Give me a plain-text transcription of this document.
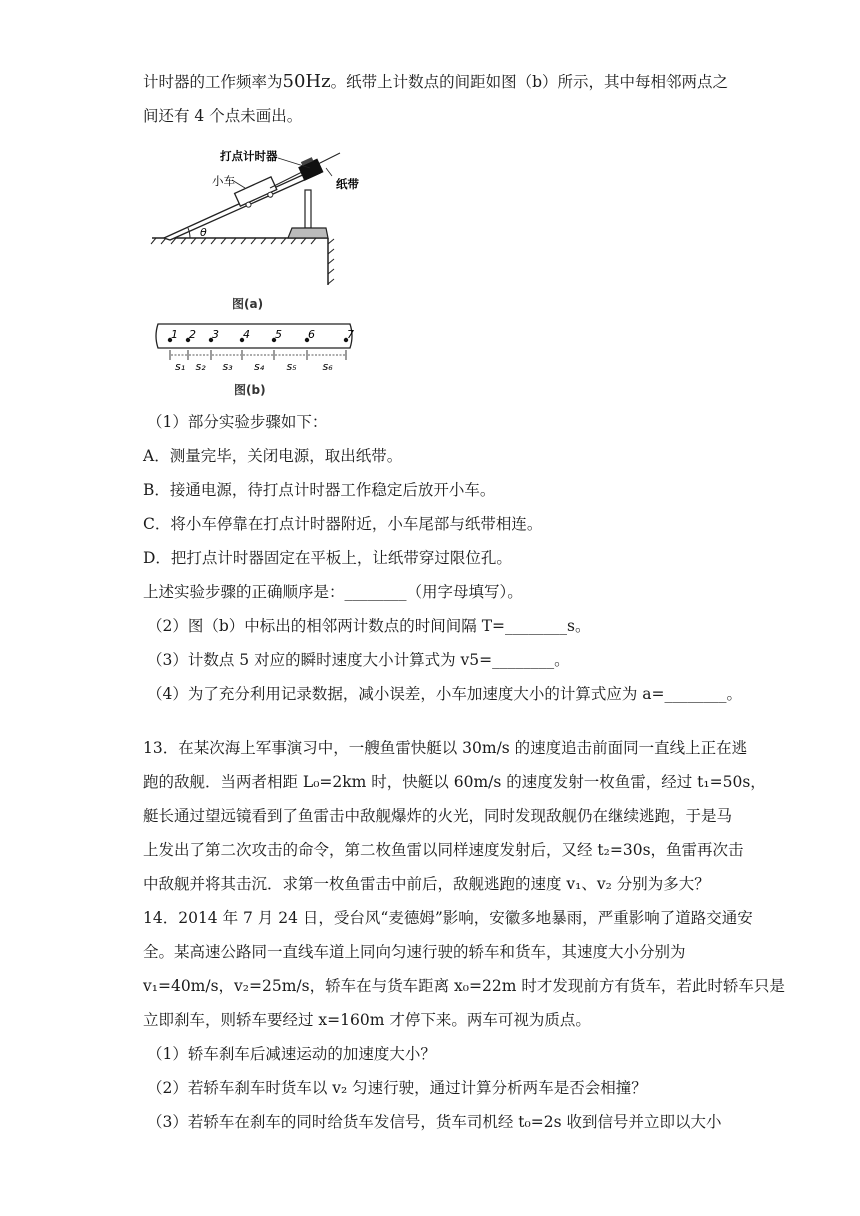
计时器的工作频率为50Hz。纸带上计数点的间距如图（b）所示，其中每相邻两点之
间还有 4 个点未画出。
θ
打点计时器
小车	纸带
图(a)
1 2 3 4 5 6	7
s₁ s₂ s₃ s₄ s₅ s₆
图(b)
（1）部分实验步骤如下：
A．测量完毕，关闭电源，取出纸带。
B．接通电源，待打点计时器工作稳定后放开小车。
C．将小车停靠在打点计时器附近，小车尾部与纸带相连。
D．把打点计时器固定在平板上，让纸带穿过限位孔。
上述实验步骤的正确顺序是：________（用字母填写）。
（2）图（b）中标出的相邻两计数点的时间间隔 T=________s。
（3）计数点 5 对应的瞬时速度大小计算式为 v5=________。
（4）为了充分利用记录数据，减小误差，小车加速度大小的计算式应为 a=________。
13．在某次海上军事演习中，一艘鱼雷快艇以 30m/s 的速度追击前面同一直线上正在逃
跑的敌舰．当两者相距 L₀=2km 时，快艇以 60m/s 的速度发射一枚鱼雷，经过 t₁=50s，
艇长通过望远镜看到了鱼雷击中敌舰爆炸的火光，同时发现敌舰仍在继续逃跑，于是马
上发出了第二次攻击的命令，第二枚鱼雷以同样速度发射后，又经 t₂=30s，鱼雷再次击
中敌舰并将其击沉．求第一枚鱼雷击中前后，敌舰逃跑的速度 v₁、v₂ 分别为多大？
14．2014 年 7 月 24 日，受台风“麦德姆”影响，安徽多地暴雨，严重影响了道路交通安
全。某高速公路同一直线车道上同向匀速行驶的轿车和货车，其速度大小分别为
v₁=40m/s，v₂=25m/s，轿车在与货车距离 x₀=22m 时才发现前方有货车，若此时轿车只是
立即刹车，则轿车要经过 x=160m 才停下来。两车可视为质点。
（1）轿车刹车后减速运动的加速度大小？
（2）若轿车刹车时货车以 v₂ 匀速行驶，通过计算分析两车是否会相撞？
（3）若轿车在刹车的同时给货车发信号，货车司机经 t₀=2s 收到信号并立即以大小
